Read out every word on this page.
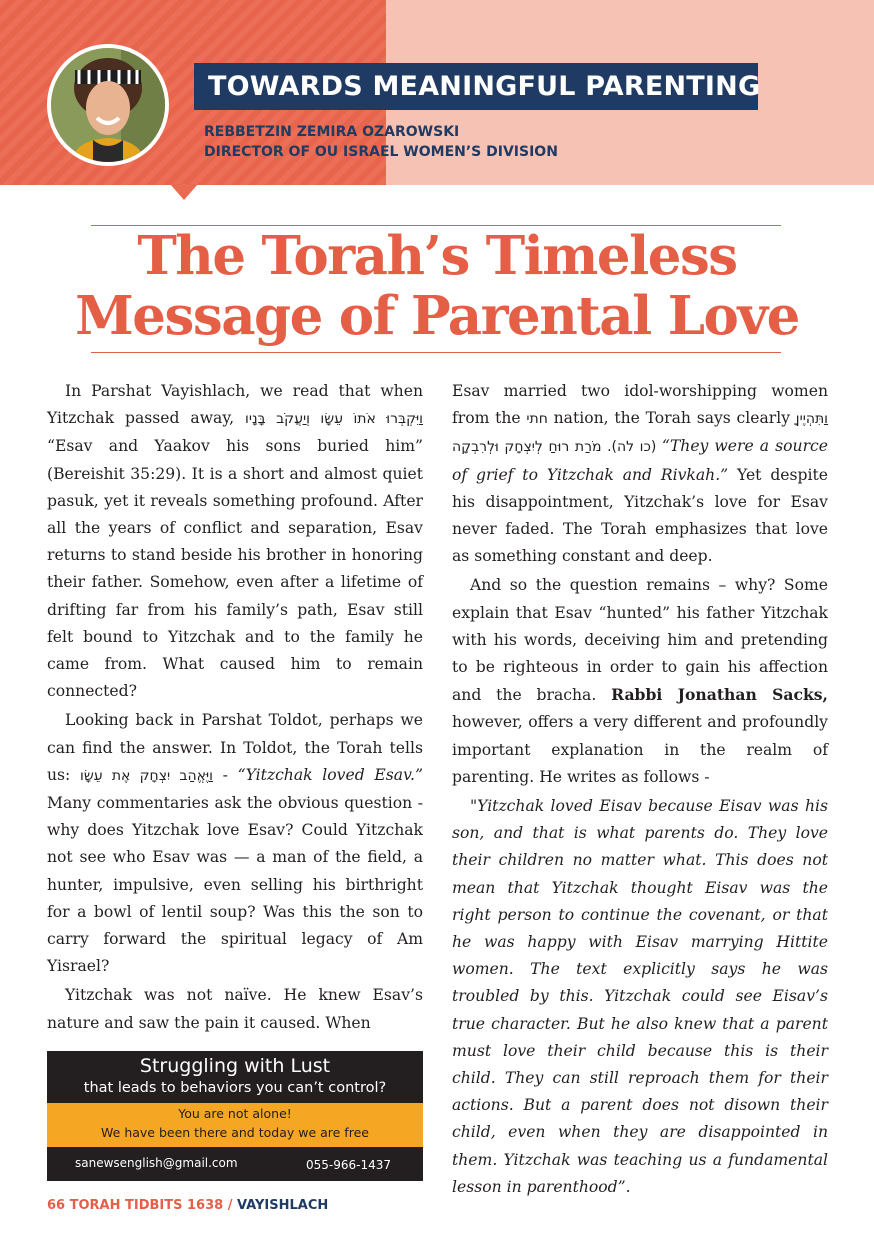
TOWARDS MEANINGFUL PARENTING
REBBETZIN ZEMIRA OZAROWSKI
DIRECTOR OF OU ISRAEL WOMEN’S DIVISION
The Torah’s Timeless
Message of Parental Love

In Parshat Vayishlach, we read that when Yitzchak passed away, וַיִּקְבְּרוּ אֹתוֹ עֵשָׂו וְיַעֲקֹב בָּנָיו “Esav and Yaakov his sons buried him” (Bereishit 35:29). It is a short and almost quiet pasuk, yet it reveals something profound. After all the years of conflict and separation, Esav returns to stand beside his brother in honoring their father. Somehow, even after a lifetime of drifting far from his family’s path, Esav still felt bound to Yitzchak and to the family he came from. What caused him to remain connected?

Looking back in Parshat Toldot, perhaps we can find the answer. In Toldot, the Torah tells us: וַיֶּאֱהַב יִצְחָק אֶת עֵשָׂו - “Yitzchak loved Esav.” Many commentaries ask the obvious question - why does Yitzchak love Esav? Could Yitzchak not see who Esav was — a man of the field, a hunter, impulsive, even selling his birthright for a bowl of lentil soup? Was this the son to carry forward the spiritual legacy of Am Yisrael?

Yitzchak was not naïve. He knew Esav’s nature and saw the pain it caused. When

Struggling with Lust
that leads to behaviors you can’t control?
You are not alone!
We have been there and today we are free
sanewsenglish@gmail.com	055-966-1437

Esav married two idol-worshipping women from the חתי nation, the Torah says clearly וַתִּהְיֶיןָ מֹרַת רוּחַ לְיִצְחָק וּלְרִבְקָה (כו לה). “They were a source of grief to Yitzchak and Rivkah.” Yet despite his disappointment, Yitzchak’s love for Esav never faded. The Torah emphasizes that love as something constant and deep.

And so the question remains – why? Some explain that Esav “hunted” his father Yitzchak with his words, deceiving him and pretending to be righteous in order to gain his affection and the bracha. Rabbi Jonathan Sacks, however, offers a very different and profoundly important explanation in the realm of parenting. He writes as follows -

"Yitzchak loved Eisav because Eisav was his son, and that is what parents do. They love their children no matter what. This does not mean that Yitzchak thought Eisav was the right person to continue the covenant, or that he was happy with Eisav marrying Hittite women. The text explicitly says he was troubled by this. Yitzchak could see Eisav’s true character. But he also knew that a parent must love their child because this is their child. They can still reproach them for their actions. But a parent does not disown their child, even when they are disappointed in them. Yitzchak was teaching us a fundamental lesson in parenthood”.

66 TORAH TIDBITS 1638 / VAYISHLACH
